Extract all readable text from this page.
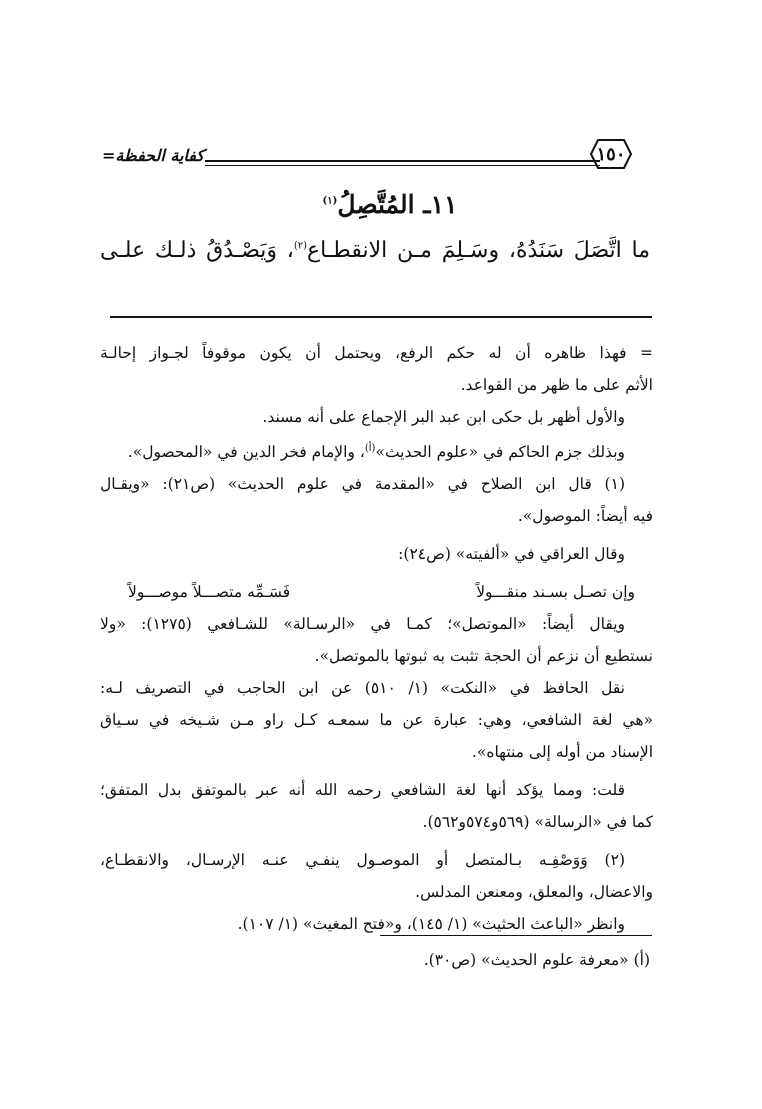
١٥٠
كفاية الحفظة
=
١١ـ المُتَّصِلُ$^{(١)}$
ما اتَّصَلَ سَنَدُهُ، وسَـلِمَ مـن الانقطـاع$^{(٢)}$، وَيَصْـدُقُ ذلـك علـى

= فهذا ظاهره أن له حكم الرفع، ويحتمل أن يكون موقوفاً لجـواز إحالـة

الأثم على ما ظهر من القواعد.

والأول أظهر بل حكى ابن عبد البر الإجماع على أنه مسند.

وبذلك جزم الحاكم في «علوم الحديث»$^{(أ)}$، والإمام فخر الدين في «المحصول».

(١) قال ابن الصلاح في «المقدمة في علوم الحديث» (ص٢١): «ويقـال

فيه أيضاً: الموصول».

وقال العراقي في «ألفيته» (ص٢٤):

وإن تصـل بسـند منقـــولاً
فَسَـمِّه متصـــلاً موصـــولاً

ويقال أيضاً: «الموتصل»؛ كمـا في «الرسـالة» للشـافعي (١٢٧٥): «ولا

نستطيع أن نزعم أن الحجة تثبت به ثبوتها بالموتصل».

نقل الحافظ في «النكت» (١/ ٥١٠) عن ابن الحاجب في التصريف لـه:

«هي لغة الشافعي، وهي: عبارة عن ما سمعـه كـل راو مـن شـيخه في سـياق

الإسناد من أوله إلى منتهاه».

قلت: ومما يؤكد أنها لغة الشافعي رحمه الله أنه عبر بالموتفق بدل المتفق؛

كما في «الرسالة» (٥٦٩و٥٧٤و٥٦٢).

(٢) وَوَصْفِـه بـالمتصل أو الموصـول ينفـي عنـه الإرسـال، والانقطـاع،

والاعضال، والمعلق، ومعنعن المدلس.

وانظر «الباعث الحثيث» (١/ ١٤٥)، و«فتح المغيث» (١/ ١٠٧).

(أ) «معرفة علوم الحديث» (ص٣٠).
